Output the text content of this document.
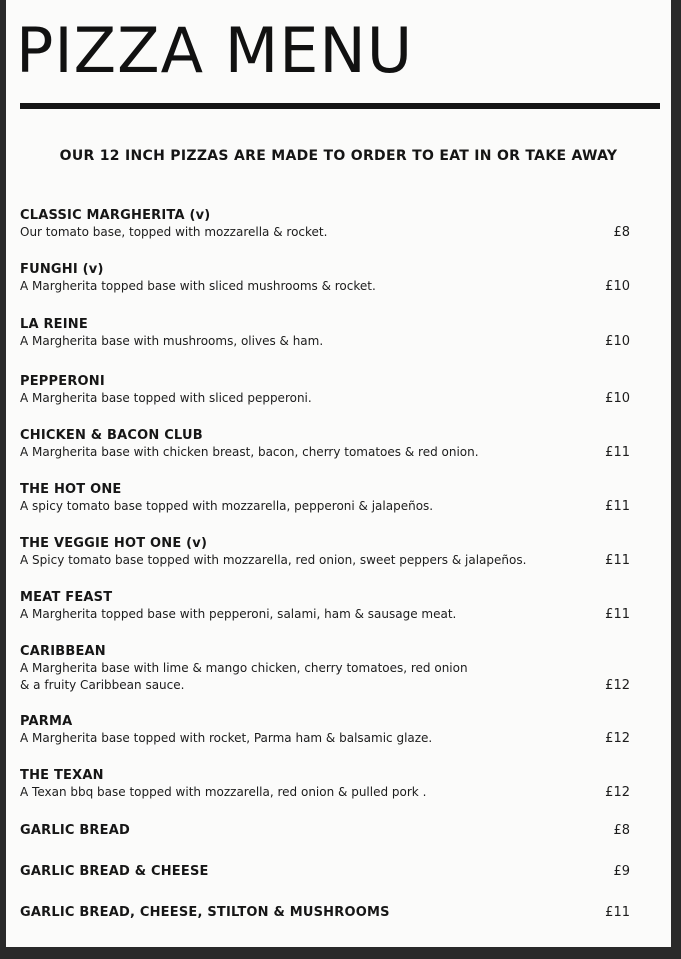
PIZZA MENU
OUR 12 INCH PIZZAS ARE MADE TO ORDER TO EAT IN OR TAKE AWAY
CLASSIC MARGHERITA (v)
Our tomato base, topped with mozzarella & rocket.	£8
FUNGHI (v)
A Margherita topped base with sliced mushrooms & rocket.	£10
LA REINE
A Margherita base with mushrooms, olives & ham.	£10
PEPPERONI
A Margherita base topped with sliced pepperoni.	£10
CHICKEN & BACON CLUB
A Margherita base with chicken breast, bacon, cherry tomatoes & red onion.	£11
THE HOT ONE
A spicy tomato base topped with mozzarella, pepperoni & jalapeños.	£11
THE VEGGIE HOT ONE (v)
A Spicy tomato base topped with mozzarella, red onion, sweet peppers & jalapeños.	£11
MEAT FEAST
A Margherita topped base with pepperoni, salami, ham & sausage meat.	£11
CARIBBEAN
A Margherita base with lime & mango chicken, cherry tomatoes, red onion
& a fruity Caribbean sauce.	£12
PARMA
A Margherita base topped with rocket, Parma ham & balsamic glaze.	£12
THE TEXAN
A Texan bbq base topped with mozzarella, red onion & pulled pork .	£12
GARLIC BREAD	£8
GARLIC BREAD & CHEESE	£9
GARLIC BREAD, CHEESE, STILTON & MUSHROOMS	£11
